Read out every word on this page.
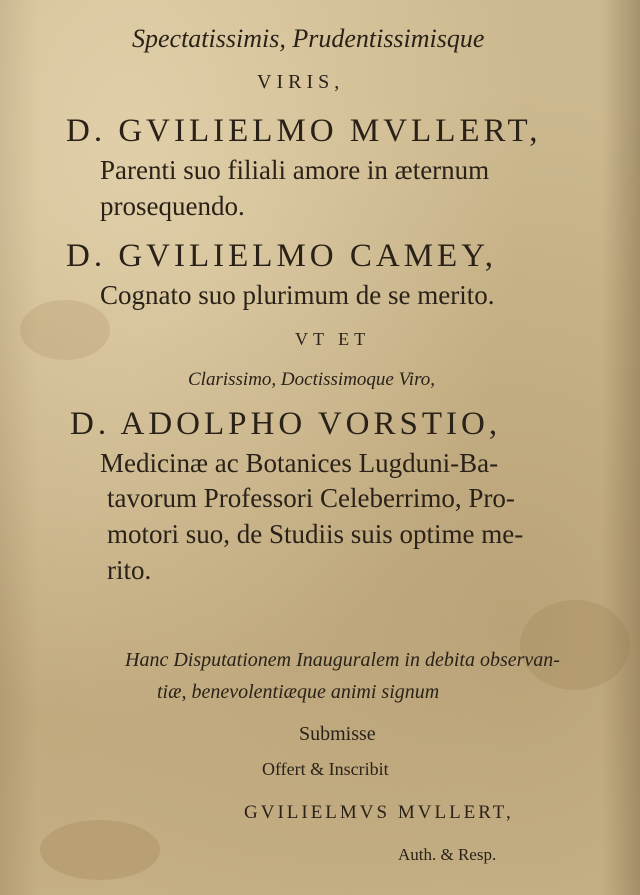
Spectatissimis, Prudentissimisque

VIRIS,

D. GVILIELMO MVLLERT,

Parenti suo filiali amore in æternum

prosequendo.

D. GVILIELMO CAMEY,

Cognato suo plurimum de se merito.

VT ET

Clarissimo, Doctissimoque Viro,

D. ADOLPHO VORSTIO,

Medicinæ ac Botanices Lugduni-Ba-

tavorum Professori Celeberrimo, Pro-

motori suo, de Studiis suis optime me-

rito.

Hanc Disputationem Inauguralem in debita observan-

tiæ, benevolentiæque animi signum

Submisse

Offert & Inscribit

GVILIELMVS MVLLERT,

Auth. & Resp.
